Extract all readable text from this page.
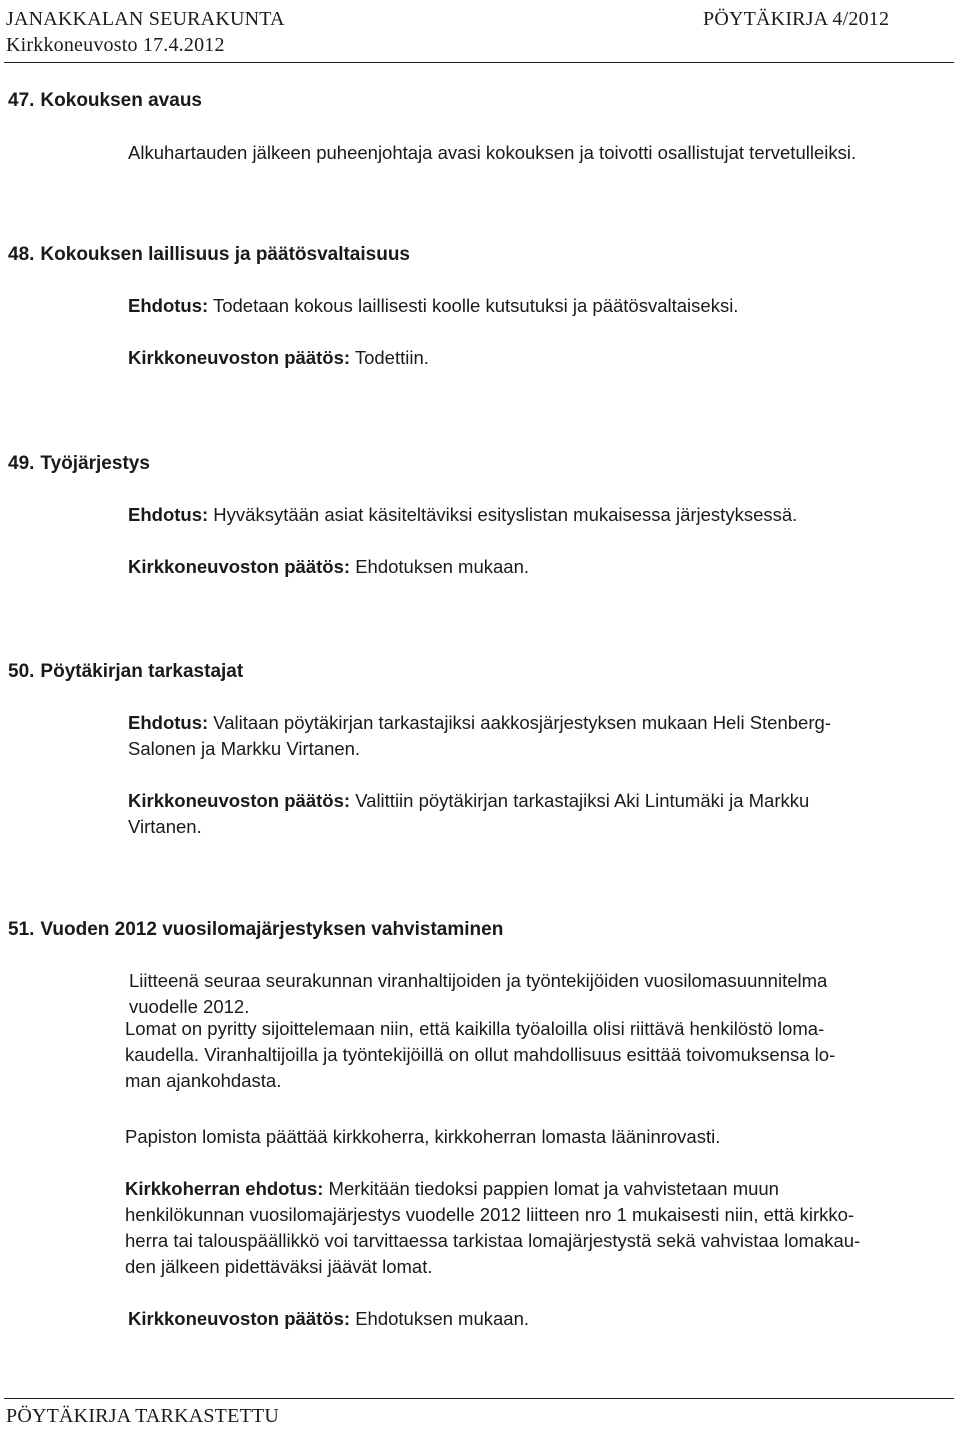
JANAKKALAN SEURAKUNTA	PÖYTÄKIRJA 4/2012
Kirkkoneuvosto 17.4.2012
47. Kokouksen avaus
Alkuhartauden jälkeen puheenjohtaja avasi kokouksen ja toivotti osallistujat tervetulleiksi.
48. Kokouksen laillisuus ja päätösvaltaisuus
Ehdotus: Todetaan kokous laillisesti koolle kutsutuksi ja päätösvaltaiseksi.
Kirkkoneuvoston päätös: Todettiin.
49. Työjärjestys
Ehdotus: Hyväksytään asiat käsiteltäviksi esityslistan mukaisessa järjestyksessä.
Kirkkoneuvoston päätös: Ehdotuksen mukaan.
50. Pöytäkirjan tarkastajat
Ehdotus: Valitaan pöytäkirjan tarkastajiksi aakkosjärjestyksen mukaan Heli Stenberg-
Salonen ja Markku Virtanen.
Kirkkoneuvoston päätös: Valittiin pöytäkirjan tarkastajiksi Aki Lintumäki ja Markku
Virtanen.
51. Vuoden 2012 vuosilomajärjestyksen vahvistaminen
Liitteenä seuraa seurakunnan viranhaltijoiden ja työntekijöiden vuosilomasuunnitelma
vuodelle 2012.
Lomat on pyritty sijoittelemaan niin, että kaikilla työaloilla olisi riittävä henkilöstö loma-
kaudella. Viranhaltijoilla ja työntekijöillä on ollut mahdollisuus esittää toivomuksensa lo-
man ajankohdasta.
Papiston lomista päättää kirkkoherra, kirkkoherran lomasta lääninrovasti.
Kirkkoherran ehdotus: Merkitään tiedoksi pappien lomat ja vahvistetaan muun
henkilökunnan vuosilomajärjestys vuodelle 2012 liitteen nro 1 mukaisesti niin, että kirkko-
herra tai talouspäällikkö voi tarvittaessa tarkistaa lomajärjestystä sekä vahvistaa lomakau-
den jälkeen pidettäväksi jäävät lomat.
Kirkkoneuvoston päätös: Ehdotuksen mukaan.
PÖYTÄKIRJA TARKASTETTU
